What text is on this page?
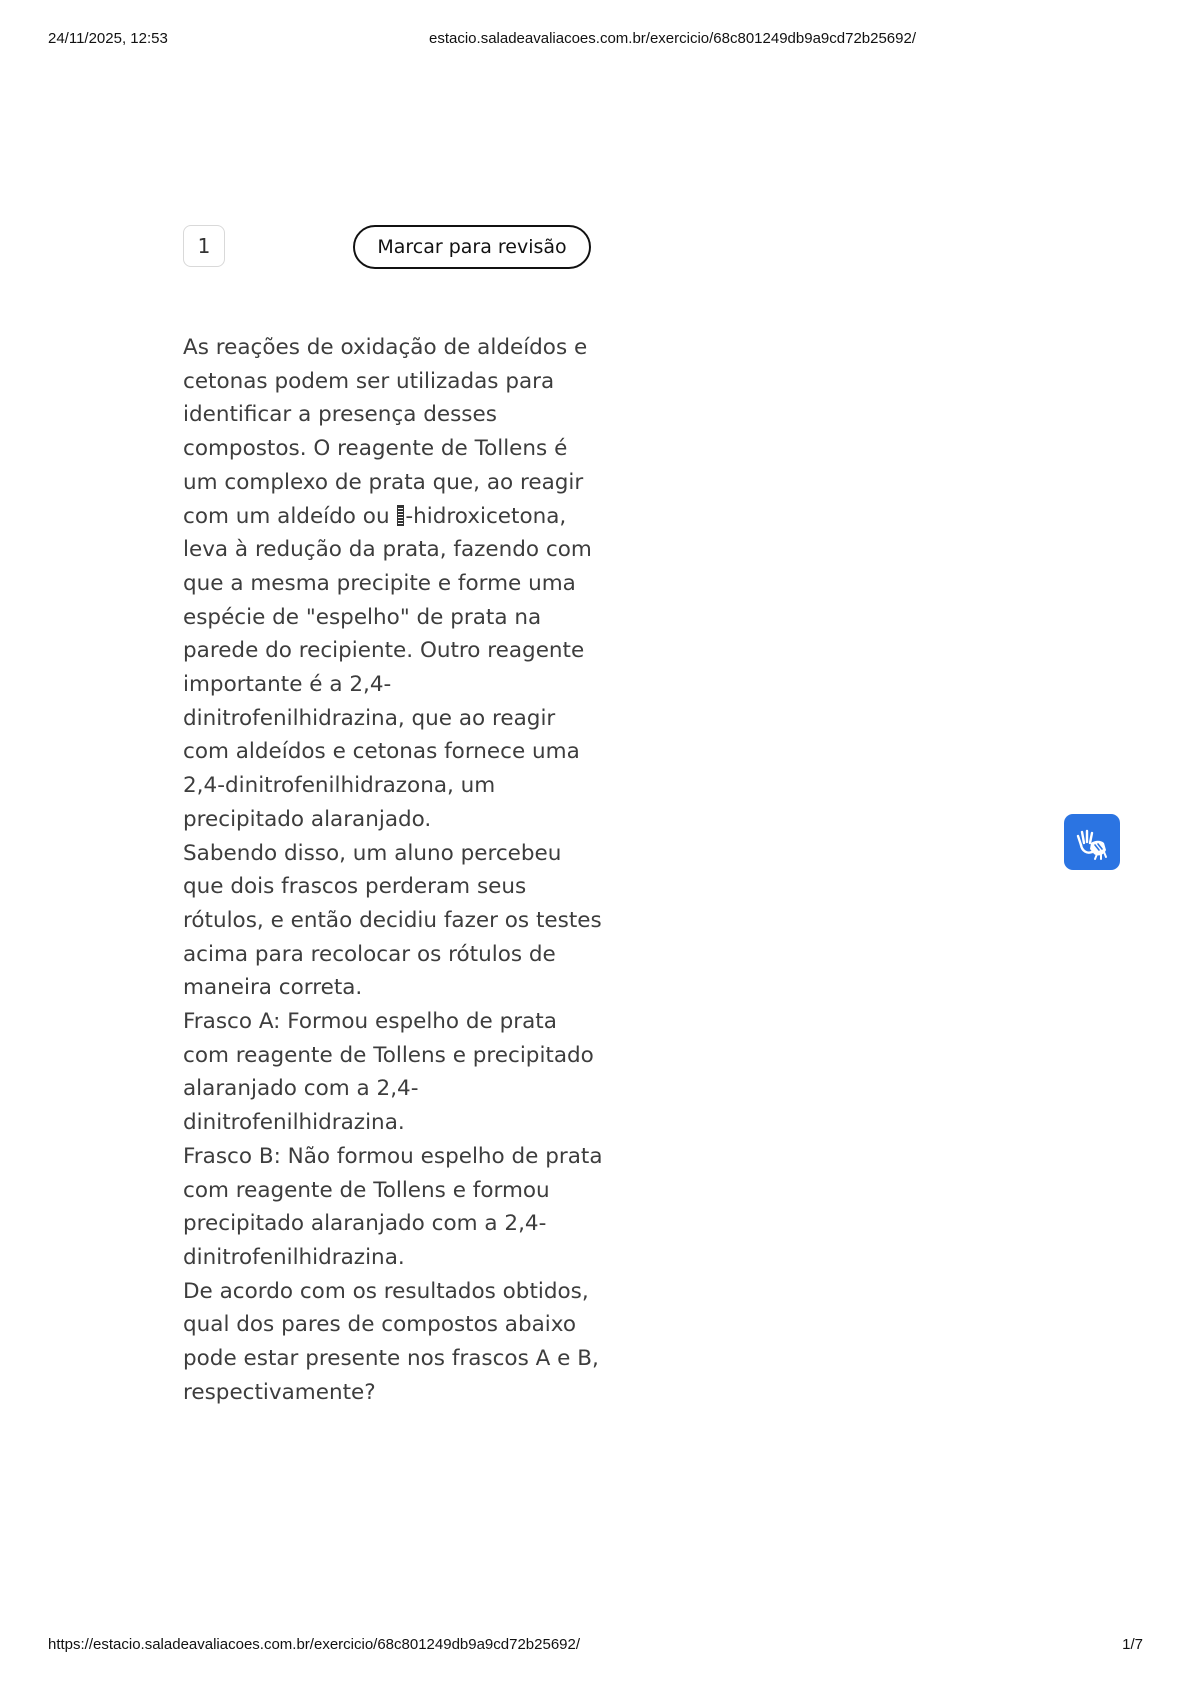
24/11/2025, 12:53	estacio.saladeavaliacoes.com.br/exercicio/68c801249db9a9cd72b25692/
1	Marcar para revisão

As reações de oxidação de aldeídos e cetonas podem ser utilizadas para identificar a presença desses compostos. O reagente de Tollens é um complexo de prata que, ao reagir com um aldeído ou -hidroxicetona, leva à redução da prata, fazendo com que a mesma precipite e forme uma espécie de "espelho" de prata na parede do recipiente. Outro reagente importante é a 2,4-dinitrofenilhidrazina, que ao reagir com aldeídos e cetonas fornece uma 2,4-dinitrofenilhidrazona, um precipitado alaranjado.

Sabendo disso, um aluno percebeu que dois frascos perderam seus rótulos, e então decidiu fazer os testes acima para recolocar os rótulos de maneira correta.

Frasco A: Formou espelho de prata com reagente de Tollens e precipitado alaranjado com a 2,4-dinitrofenilhidrazina.

Frasco B: Não formou espelho de prata com reagente de Tollens e formou precipitado alaranjado com a 2,4-dinitrofenilhidrazina.

De acordo com os resultados obtidos, qual dos pares de compostos abaixo pode estar presente nos frascos A e B, respectivamente?

https://estacio.saladeavaliacoes.com.br/exercicio/68c801249db9a9cd72b25692/	1/7
